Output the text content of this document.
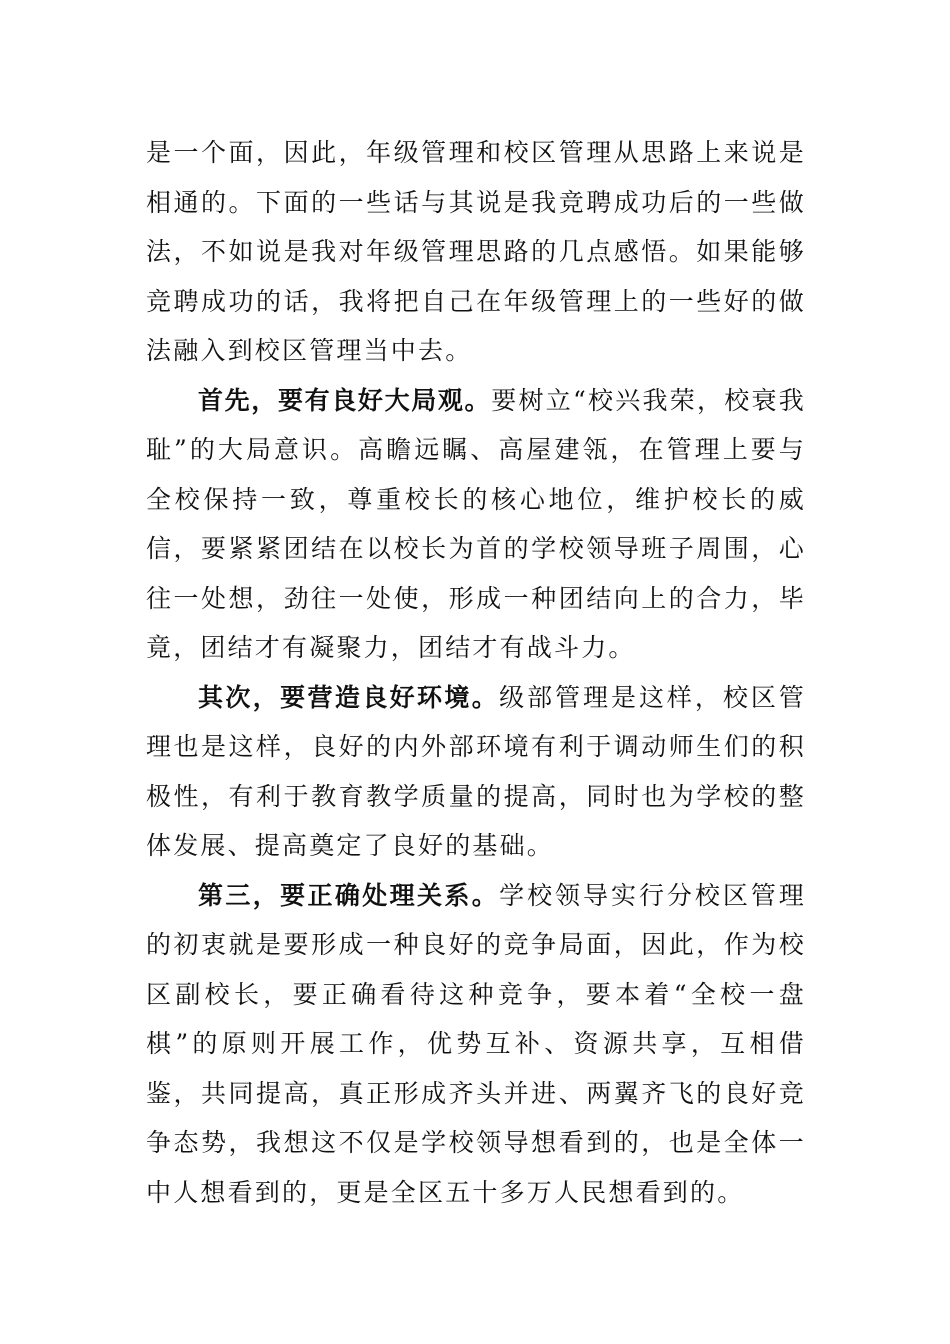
是一个面，因此，年级管理和校区管理从思路上来说是相通的。下面的一些话与其说是我竞聘成功后的一些做法，不如说是我对年级管理思路的几点感悟。如果能够竞聘成功的话，我将把自己在年级管理上的一些好的做法融入到校区管理当中去。

首先，要有良好大局观。要树立“校兴我荣，校衰我耻”的大局意识。高瞻远瞩、高屋建瓴，在管理上要与全校保持一致，尊重校长的核心地位，维护校长的威信，要紧紧团结在以校长为首的学校领导班子周围，心往一处想，劲往一处使，形成一种团结向上的合力，毕竟，团结才有凝聚力，团结才有战斗力。

其次，要营造良好环境。级部管理是这样，校区管理也是这样，良好的内外部环境有利于调动师生们的积极性，有利于教育教学质量的提高，同时也为学校的整体发展、提高奠定了良好的基础。

第三，要正确处理关系。学校领导实行分校区管理的初衷就是要形成一种良好的竞争局面，因此，作为校区副校长，要正确看待这种竞争，要本着“全校一盘棋”的原则开展工作，优势互补、资源共享，互相借鉴，共同提高，真正形成齐头并进、两翼齐飞的良好竞争态势，我想这不仅是学校领导想看到的，也是全体一中人想看到的，更是全区五十多万人民想看到的。
